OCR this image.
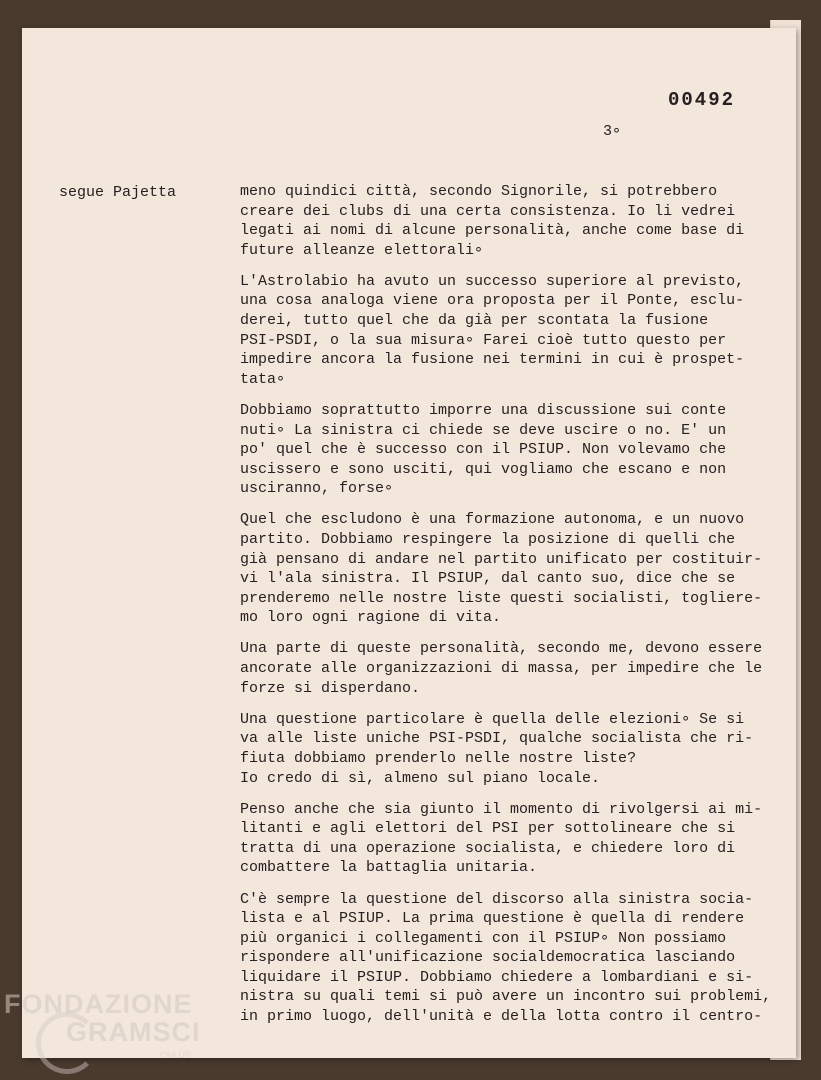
00492
3∘
segue Pajetta	meno quindici città, secondo Signorile, si potrebbero
creare dei clubs di una certa consistenza. Io li vedrei
legati ai nomi di alcune personalità, anche come base di
future alleanze elettorali∘
L'Astrolabio ha avuto un successo superiore al previsto,
una cosa analoga viene ora proposta per il Ponte, esclu-
derei, tutto quel che da già per scontata la fusione
PSI-PSDI, o la sua misura∘ Farei cioè tutto questo per
impedire ancora la fusione nei termini in cui è prospet-
tata∘
Dobbiamo soprattutto imporre una discussione sui conte
nuti∘ La sinistra ci chiede se deve uscire o no. E' un
po' quel che è successo con il PSIUP. Non volevamo che
uscissero e sono usciti, qui vogliamo che escano e non
usciranno, forse∘
Quel che escludono è una formazione autonoma, e un nuovo
partito. Dobbiamo respingere la posizione di quelli che
già pensano di andare nel partito unificato per costituir-
vi l'ala sinistra. Il PSIUP, dal canto suo, dice che se
prenderemo nelle nostre liste questi socialisti, toglierе-
mo loro ogni ragione di vita.
Una parte di queste personalità, secondo me, devono essere
ancorate alle organizzazioni di massa, per impedire che le
forze si disperdano.
Una questione particolare è quella delle elezioni∘ Se si
va alle liste uniche PSI-PSDI, qualche socialista che ri-
fiuta dobbiamo prenderlo nelle nostre liste?
Io credo di sì, almeno sul piano locale.
Penso anche che sia giunto il momento di rivolgersi ai mi-
litanti e agli elettori del PSI per sottolineare che si
tratta di una operazione socialista, e chiedere loro di
combattere la battaglia unitaria.
C'è sempre la questione del discorso alla sinistra socia-
lista e al PSIUP. La prima questione è quella di rendere
più organici i collegamenti con il PSIUP∘ Non possiamo
rispondere all'unificazione socialdemocratica lasciando
liquidare il PSIUP. Dobbiamo chiedere a lombardiani e si-
nistra su quali temi si può avere un incontro sui problemi,
in primo luogo, dell'unità e della lotta contro il centro-
FONDAZIONE
GRAMSCI
ONLUS
